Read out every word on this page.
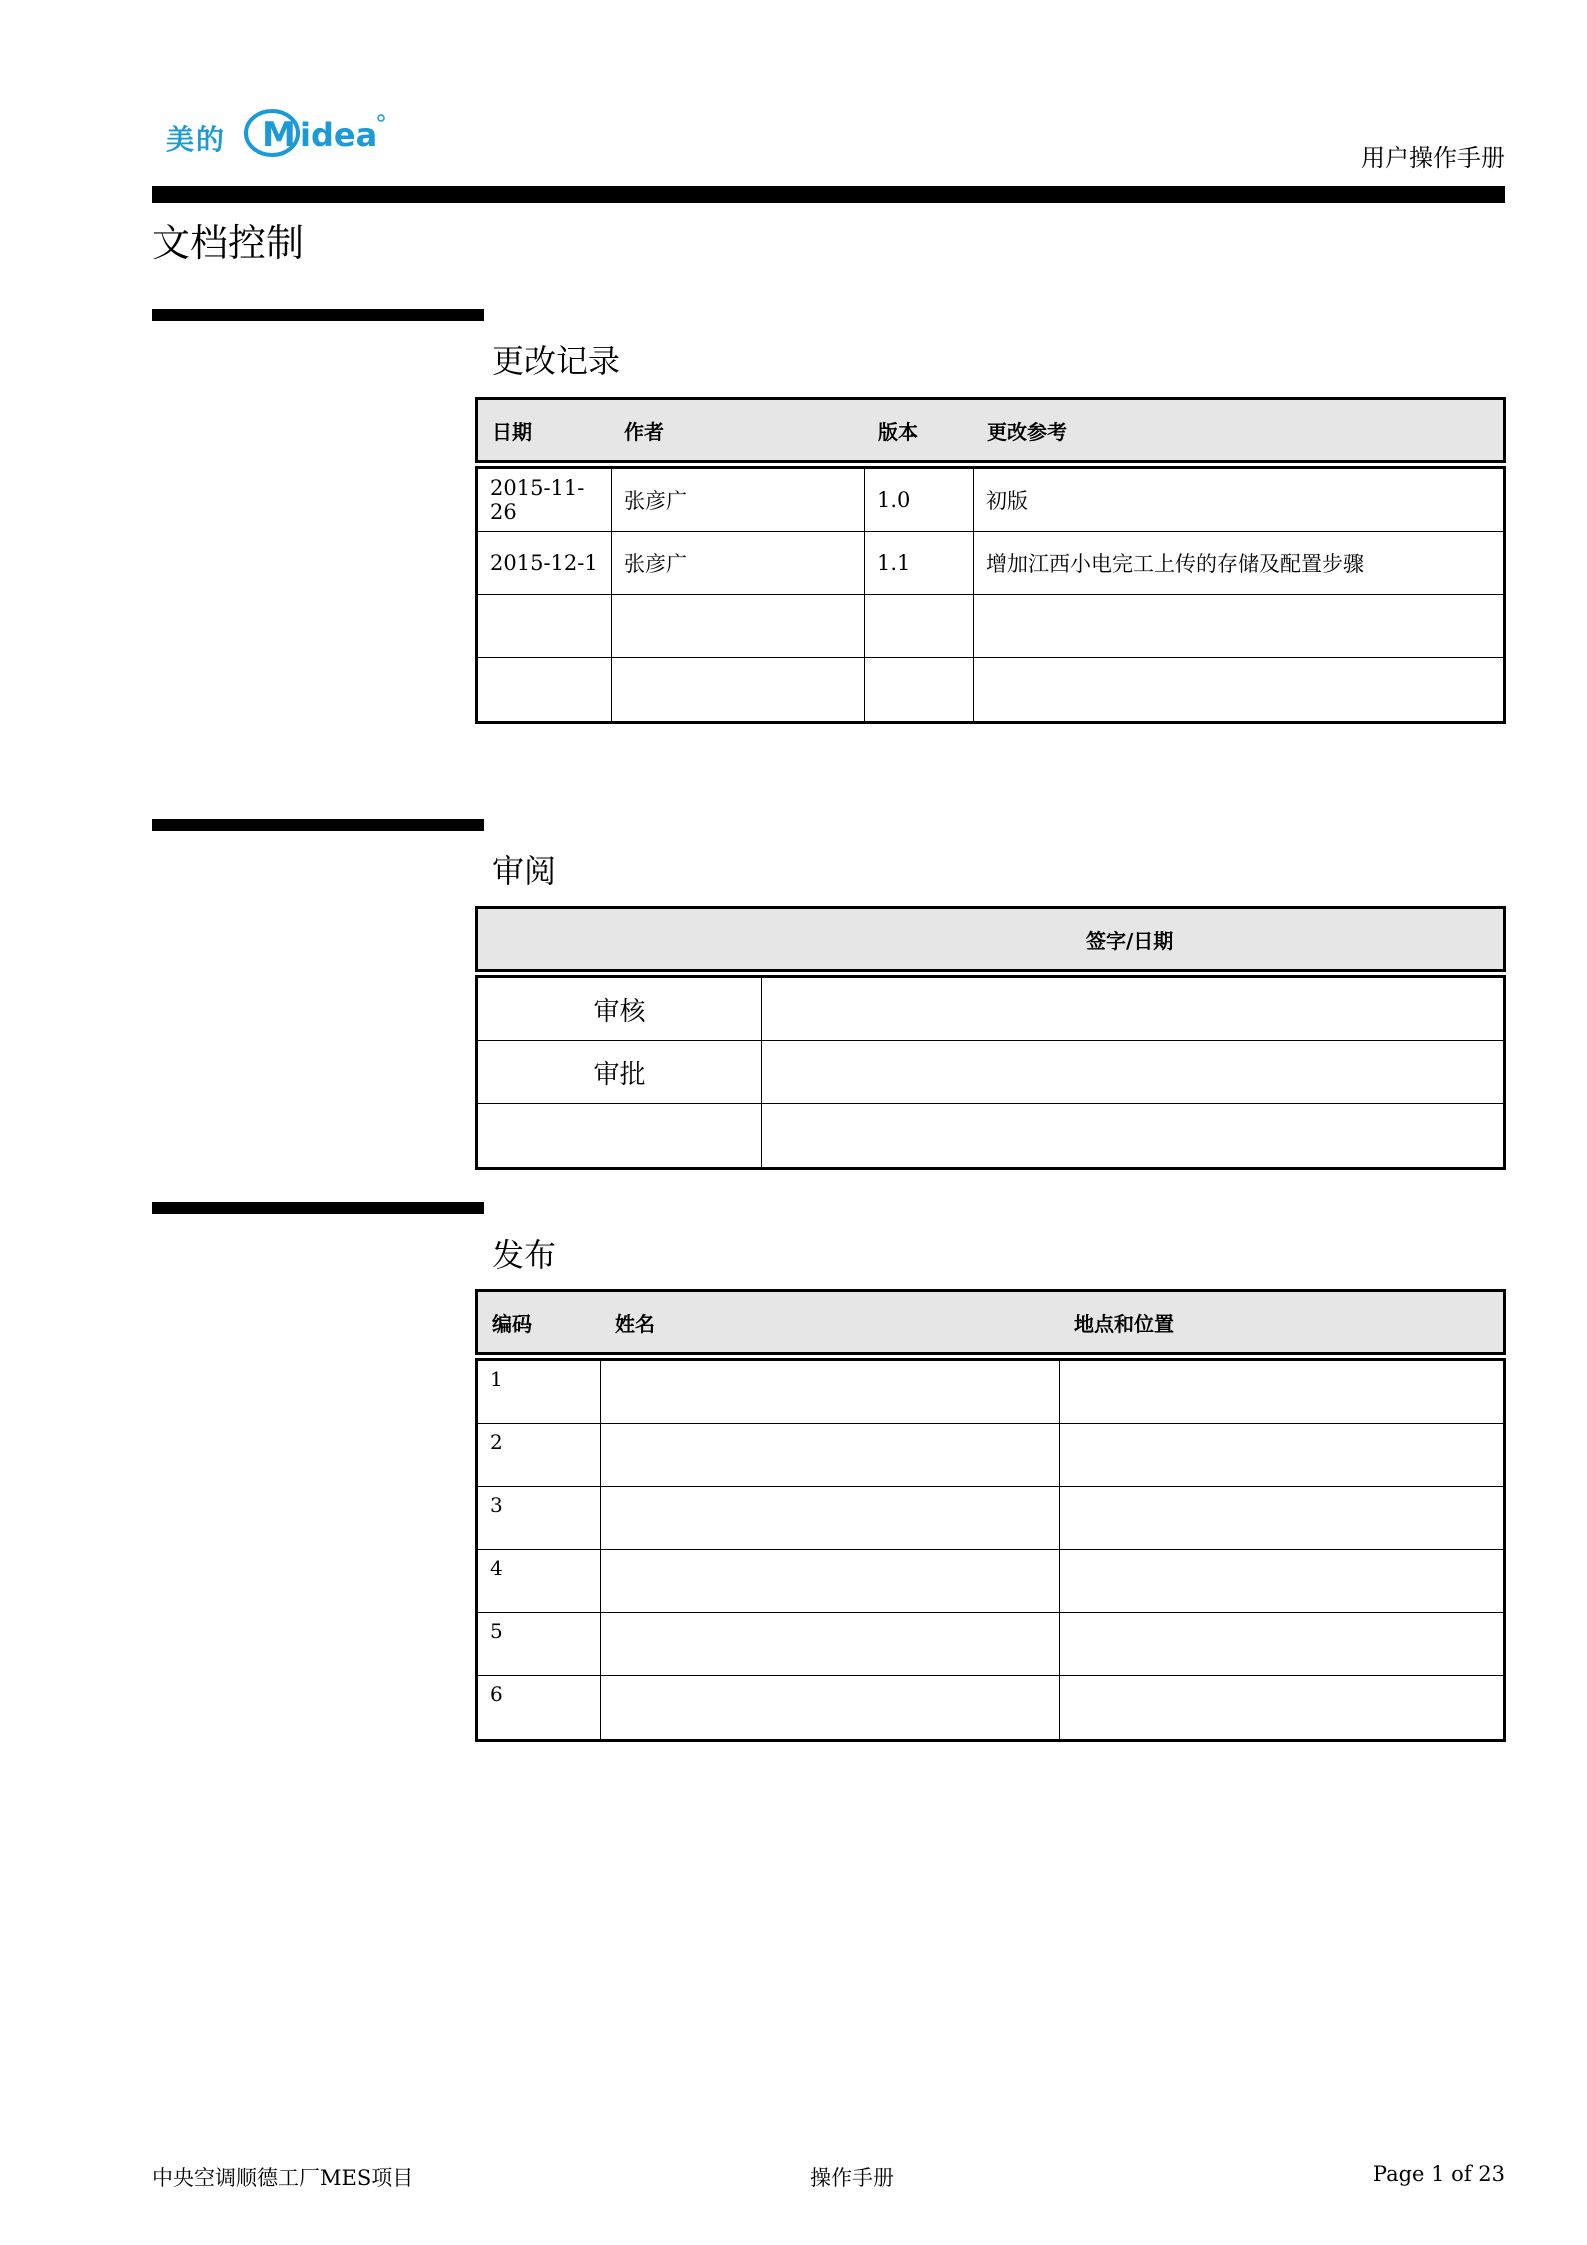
美的 M idea
用户操作手册
文档控制
更改记录
日期	作者	版本	更改参考
2015-11-26	张彦广	1.0	初版
2015-12-1	张彦广	1.1	增加江西小电完工上传的存储及配置步骤
审阅
签字/日期
审核
审批
发布
编码	姓名	地点和位置
1
2
3
4
5
6
中央空调顺德工厂MES项目	操作手册	Page 1 of 23
